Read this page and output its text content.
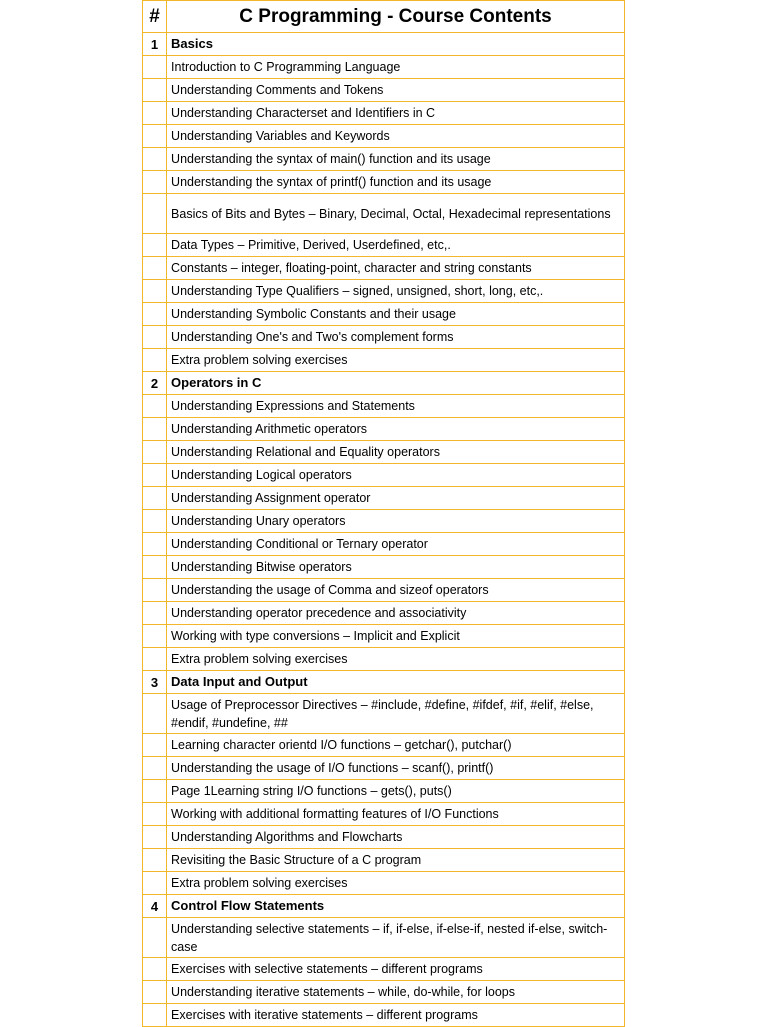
#	C Programming - Course Contents
1	Basics
	Introduction to C Programming Language
	Understanding Comments and Tokens
	Understanding Characterset and Identifiers in C
	Understanding Variables and Keywords
	Understanding the syntax of main() function and its usage
	Understanding the syntax of printf() function and its usage
	Basics of Bits and Bytes – Binary, Decimal, Octal, Hexadecimal representations
	Data Types – Primitive, Derived, Userdefined, etc,.
	Constants – integer, floating-point, character and string constants
	Understanding Type Qualifiers – signed, unsigned, short, long, etc,.
	Understanding Symbolic Constants and their usage
	Understanding One's and Two's complement forms
	Extra problem solving exercises
2	Operators in C
	Understanding Expressions and Statements
	Understanding Arithmetic operators
	Understanding Relational and Equality operators
	Understanding Logical operators
	Understanding Assignment operator
	Understanding Unary operators
	Understanding Conditional or Ternary operator
	Understanding Bitwise operators
	Understanding the usage of Comma and sizeof operators
	Understanding operator precedence and associativity
	Working with type conversions – Implicit and Explicit
	Extra problem solving exercises
3	Data Input and Output
	Usage of Preprocessor Directives – #include, #define, #ifdef, #if, #elif, #else, #endif, #undefine, ##
	Learning character orientd I/O functions – getchar(), putchar()
	Understanding the usage of I/O functions – scanf(), printf()
	Page 1Learning string I/O functions – gets(), puts()
	Working with additional formatting features of I/O Functions
	Understanding Algorithms and Flowcharts
	Revisiting the Basic Structure of a C program
	Extra problem solving exercises
4	Control Flow Statements
	Understanding selective statements – if, if-else, if-else-if, nested if-else, switch-case
	Exercises with selective statements – different programs
	Understanding iterative statements – while, do-while, for loops
	Exercises with iterative statements – different programs
